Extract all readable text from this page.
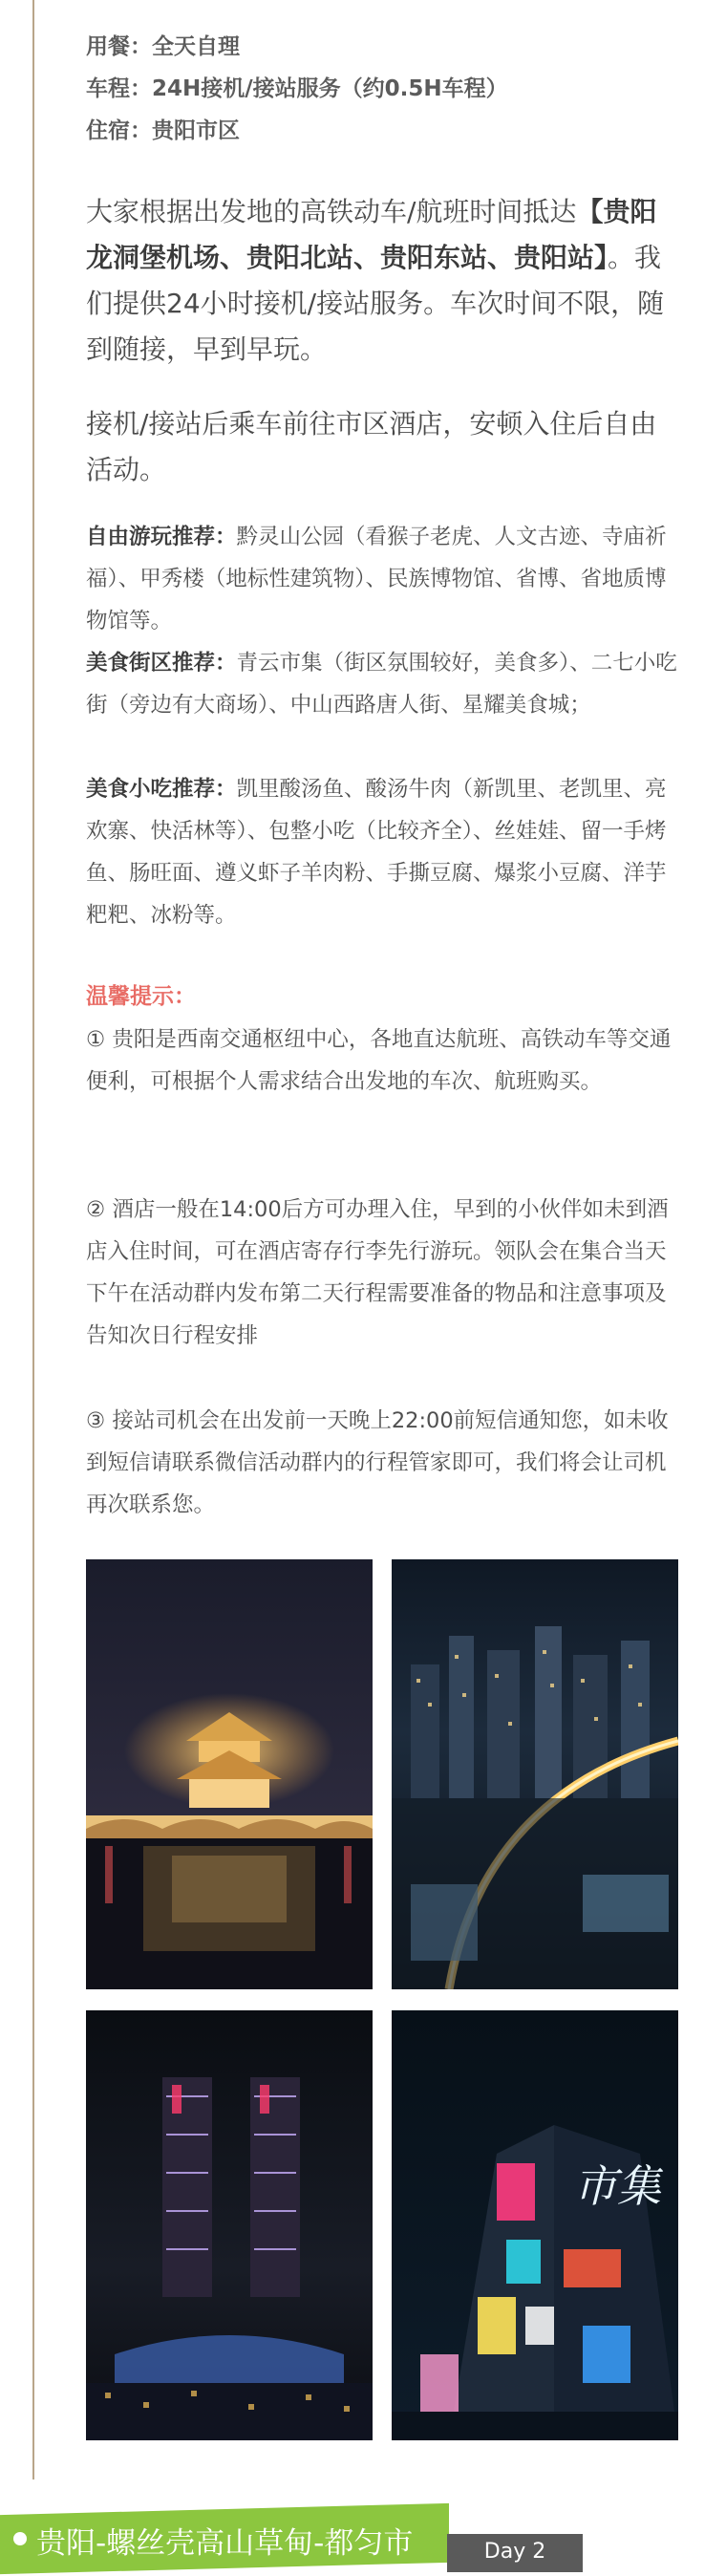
用餐：全天自理
车程：24H接机/接站服务（约0.5H车程）
住宿：贵阳市区
大家根据出发地的高铁动车/航班时间抵达【贵阳龙洞堡机场、贵阳北站、贵阳东站、贵阳站】。我们提供24小时接机/接站服务。车次时间不限，随到随接，早到早玩。
接机/接站后乘车前往市区酒店，安顿入住后自由活动。
自由游玩推荐：黔灵山公园（看猴子老虎、人文古迹、寺庙祈福）、甲秀楼（地标性建筑物）、民族博物馆、省博、省地质博物馆等。
美食街区推荐：青云市集（街区氛围较好，美食多）、二七小吃街（旁边有大商场）、中山西路唐人街、星耀美食城；
美食小吃推荐：凯里酸汤鱼、酸汤牛肉（新凯里、老凯里、亮欢寨、快活林等）、包整小吃（比较齐全）、丝娃娃、留一手烤鱼、肠旺面、遵义虾子羊肉粉、手撕豆腐、爆浆小豆腐、洋芋粑粑、冰粉等。
温馨提示：
① 贵阳是西南交通枢纽中心，各地直达航班、高铁动车等交通便利，可根据个人需求结合出发地的车次、航班购买。
② 酒店一般在14:00后方可办理入住，早到的小伙伴如未到酒店入住时间，可在酒店寄存行李先行游玩。领队会在集合当天下午在活动群内发布第二天行程需要准备的物品和注意事项及告知次日行程安排
③ 接站司机会在出发前一天晚上22:00前短信通知您，如未收到短信请联系微信活动群内的行程管家即可，我们将会让司机再次联系您。
市集
贵阳-螺丝壳高山草甸-都匀市	Day 2
